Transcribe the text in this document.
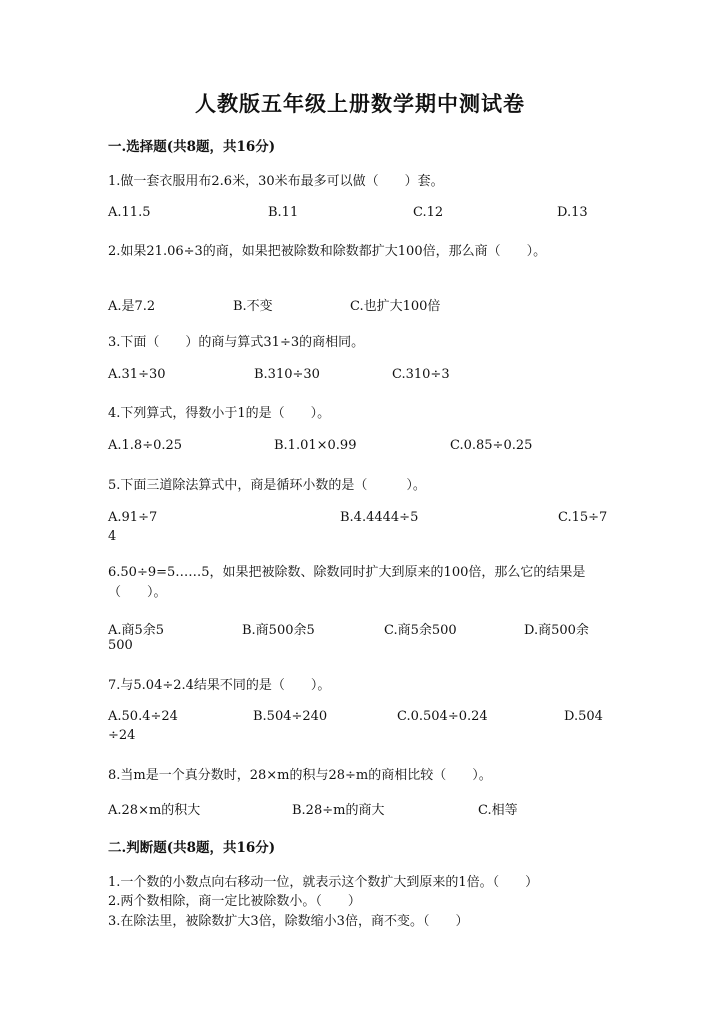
人教版五年级上册数学期中测试卷
一.选择题(共8题，共16分)
1.做一套衣服用布2.6米，30米布最多可以做（　　）套。
A.11.5	B.11	C.12	D.13
2.如果21.06÷3的商，如果把被除数和除数都扩大100倍，那么商（　　）。
A.是7.2	B.不变	C.也扩大100倍
3.下面（　　）的商与算式31÷3的商相同。
A.31÷30	B.310÷30	C.310÷3
4.下列算式，得数小于1的是（　　）。
A.1.8÷0.25	B.1.01×0.99	C.0.85÷0.25
5.下面三道除法算式中，商是循环小数的是（　　　）。
A.91÷7	B.4.4444÷5	C.15÷7
4
6.50÷9=5……5，如果把被除数、除数同时扩大到原来的100倍，那么它的结果是（　　）。
A.商5余5	B.商500余5	C.商5余500	D.商500余
500
7.与5.04÷2.4结果不同的是（　　）。
A.50.4÷24	B.504÷240	C.0.504÷0.24	D.504
÷24
8.当m是一个真分数时，28×m的积与28÷m的商相比较（　　）。
A.28×m的积大	B.28÷m的商大	C.相等
二.判断题(共8题，共16分)
1.一个数的小数点向右移动一位，就表示这个数扩大到原来的1倍。（　　）
2.两个数相除，商一定比被除数小。（　　）
3.在除法里，被除数扩大3倍，除数缩小3倍，商不变。（　　）
